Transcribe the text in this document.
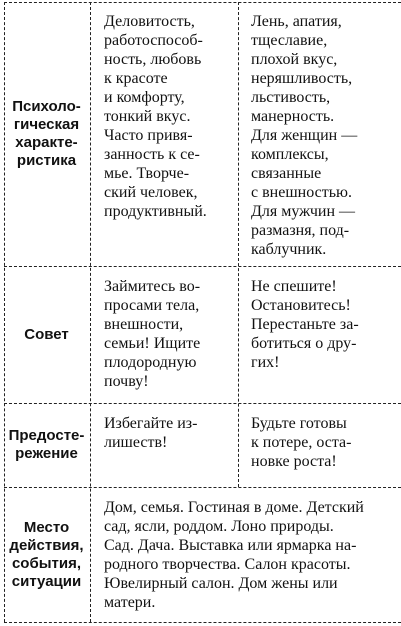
Психоло-
гическая
характе-
ристика
Деловитость,
работоспособ-
ность, любовь
к красоте
и комфорту,
тонкий вкус.
Часто привя-
занность к се-
мье. Творче-
ский человек,
продуктивный.
Лень, апатия,
тщеславие,
плохой вкус,
неряшливость,
льстивость,
манерность.
Для женщин —
комплексы,
связанные
с внешностью.
Для мужчин —
размазня, под-
каблучник.
Совет
Займитесь во-
просами тела,
внешности,
семьи! Ищите
плодородную
почву!
Не спешите!
Остановитесь!
Перестаньте за-
ботиться о дру-
гих!
Предосте-
режение
Избегайте из-
лишеств!
Будьте готовы
к потере, оста-
новке роста!
Место
действия,
события,
ситуации
Дом, семья. Гостиная в доме. Детский
сад, ясли, роддом. Лоно природы.
Сад. Дача. Выставка или ярмарка на-
родного творчества. Салон красоты.
Ювелирный салон. Дом жены или
матери.
